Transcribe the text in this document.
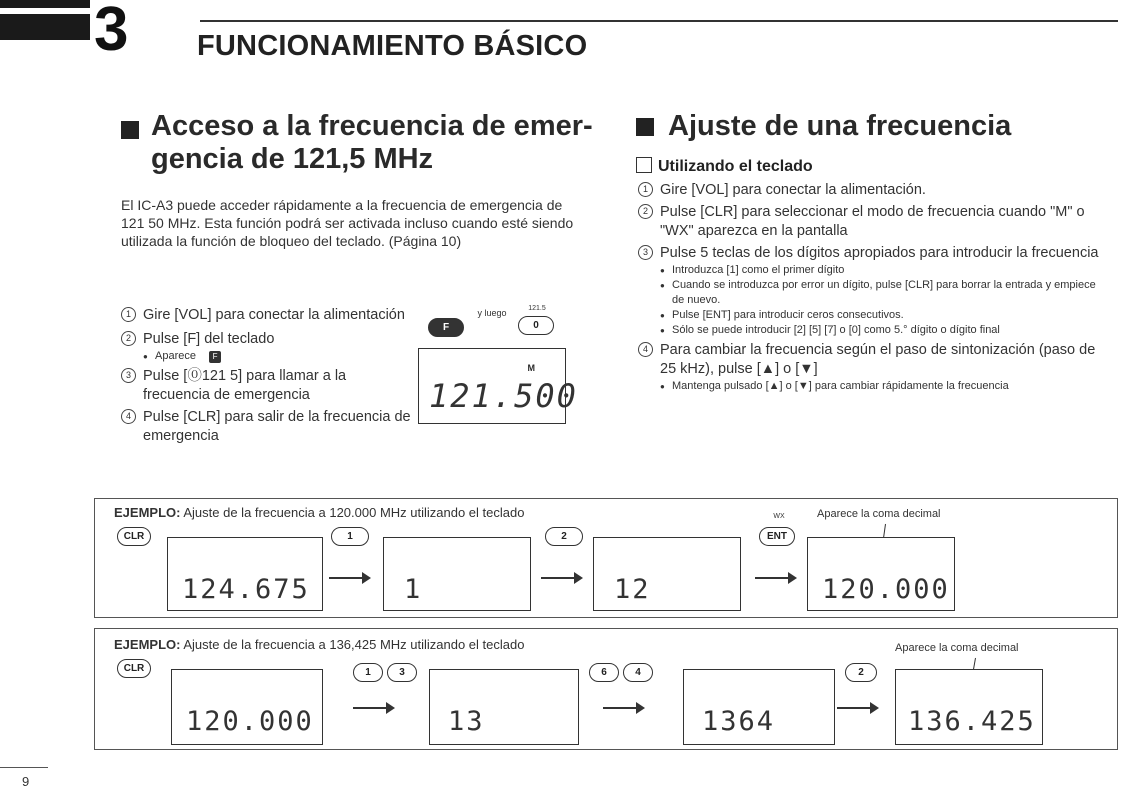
3 FUNCIONAMIENTO BÁSICO
Acceso a la frecuencia de emer-
gencia de 121,5 MHz
El IC-A3 puede acceder rápidamente a la frecuencia de emergencia de 121 50 MHz. Esta función podrá ser activada incluso cuando esté siendo utilizada la función de bloqueo del teclado. (Página 10)
1 Gire [VOL] para conectar la alimentación
2 Pulse [F] del teclado
● Aparece F
3 Pulse [⓪121 5] para llamar a la frecuencia de emergencia
4 Pulse [CLR] para salir de la frecuencia de emergencia
F
y luego	121.5
0
M
121.500
Ajuste de una frecuencia
Utilizando el teclado
1 Gire [VOL] para conectar la alimentación.
2 Pulse [CLR] para seleccionar el modo de frecuencia cuando "M" o "WX" aparezca en la pantalla
3 Pulse 5 teclas de los dígitos apropiados para introducir la frecuencia
● Introduzca [1] como el primer dígito
● Cuando se introduzca por error un dígito, pulse [CLR] para borrar la entrada y empiece de nuevo.
● Pulse [ENT] para introducir ceros consecutivos.
● Sólo se puede introducir [2] [5] [7] o [0] como 5.° dígito o dígito final
4 Para cambiar la frecuencia según el paso de sintonización (paso de 25 kHz), pulse [▲] o [▼]
● Mantenga pulsado [▲] o [▼] para cambiar rápidamente la frecuencia
EJEMPLO: Ajuste de la frecuencia a 120.000 MHz utilizando el teclado	Aparece la coma decimal
CLR
124.675
1
1
2
12
WX
ENT
120.000
EJEMPLO: Ajuste de la frecuencia a 136,425 MHz utilizando el teclado	Aparece la coma decimal
CLR
120.000
1	3
13
6	4
1364
2
136.425
9
